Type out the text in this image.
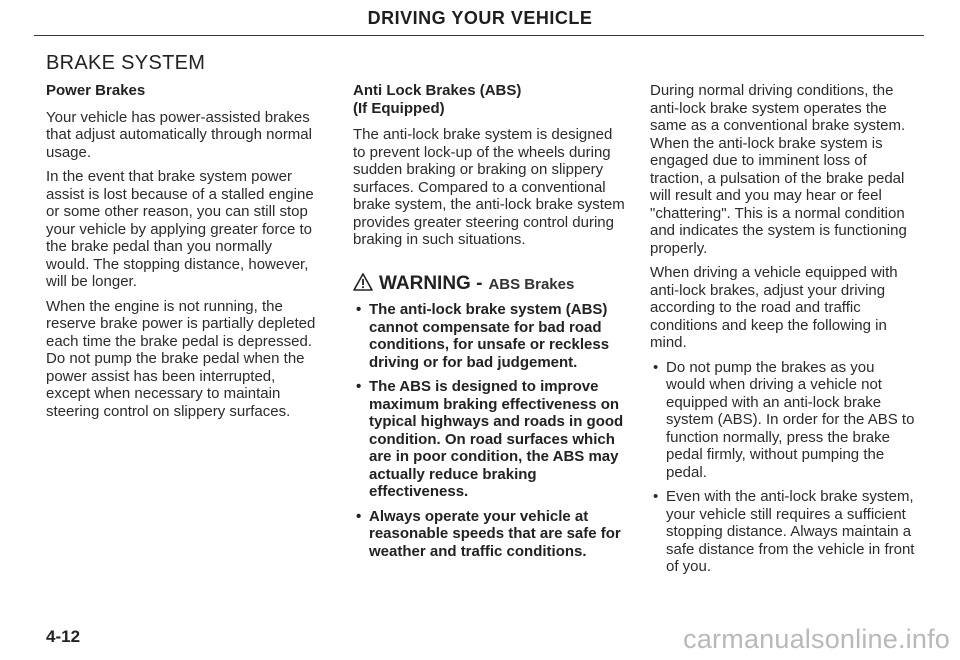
DRIVING YOUR VEHICLE
BRAKE SYSTEM
Power Brakes

Your vehicle has power-assisted brakes that adjust automatically through normal usage.

In the event that brake system power assist is lost because of a stalled engine or some other reason, you can still stop your vehicle by applying greater force to the brake pedal than you normally would. The stopping distance, however, will be longer.

When the engine is not running, the reserve brake power is partially depleted each time the brake pedal is depressed. Do not pump the brake pedal when the power assist has been interrupted, except when necessary to maintain steering control on slippery surfaces.

Anti Lock Brakes (ABS)
(If Equipped)

The anti-lock brake system is designed to prevent lock-up of the wheels during sudden braking or braking on slippery surfaces. Compared to a conventional brake system, the anti-lock brake system provides greater steering control during braking in such situations.

WARNING - ABS Brakes
• The anti-lock brake system (ABS) cannot compensate for bad road conditions, for unsafe or reckless driving or for bad judgement.
• The ABS is designed to improve maximum braking effectiveness on typical highways and roads in good condition. On road surfaces which are in poor condition, the ABS may actually reduce braking effectiveness.
• Always operate your vehicle at reasonable speeds that are safe for weather and traffic conditions.

During normal driving conditions, the anti-lock brake system operates the same as a conventional brake system. When the anti-lock brake system is engaged due to imminent loss of traction, a pulsation of the brake pedal will result and you may hear or feel "chattering". This is a normal condition and indicates the system is functioning properly.

When driving a vehicle equipped with anti-lock brakes, adjust your driving according to the road and traffic conditions and keep the following in mind.

• Do not pump the brakes as you would when driving a vehicle not equipped with an anti-lock brake system (ABS). In order for the ABS to function normally, press the brake pedal firmly, without pumping the pedal.
• Even with the anti-lock brake system, your vehicle still requires a sufficient stopping distance. Always maintain a safe distance from the vehicle in front of you.
4-12	carmanualsonline.info
